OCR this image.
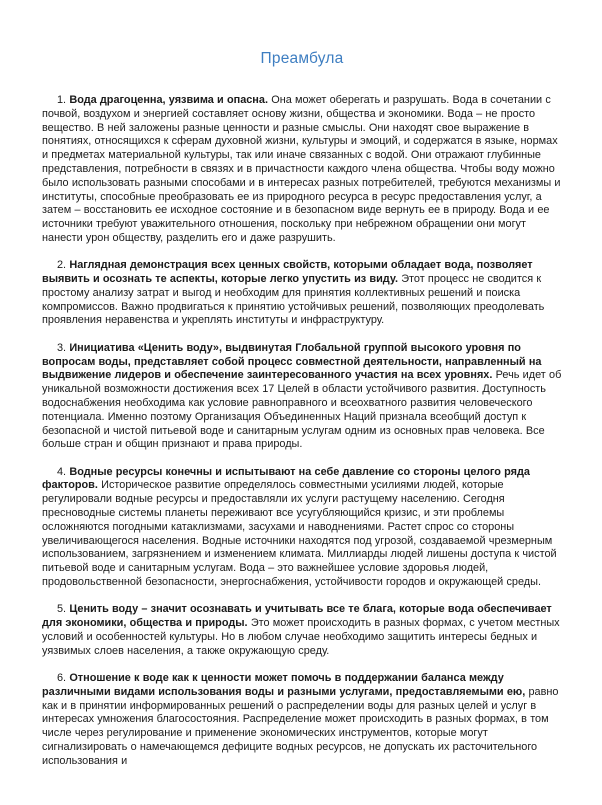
Преамбула

1. Вода драгоценна, уязвима и опасна. Она может оберегать и разрушать. Вода в сочетании с почвой, воздухом и энергией составляет основу жизни, общества и экономики. Вода – не просто вещество. В ней заложены разные ценности и разные смыслы. Они находят свое выражение в понятиях, относящихся к сферам духовной жизни, культуры и эмоций, и содержатся в языке, нормах и предметах материальной культуры, так или иначе связанных с водой. Они отражают глубинные представления, потребности в связях и в причастности каждого члена общества. Чтобы воду можно было использовать разными способами и в интересах разных потребителей, требуются механизмы и институты, способные преобразовать ее из природного ресурса в ресурс предоставления услуг, а затем – восстановить ее исходное состояние и в безопасном виде вернуть ее в природу. Вода и ее источники требуют уважительного отношения, поскольку при небрежном обращении они могут нанести урон обществу, разделить его и даже разрушить.

2. Наглядная демонстрация всех ценных свойств, которыми обладает вода, позволяет выявить и осознать те аспекты, которые легко упустить из виду. Этот процесс не сводится к простому анализу затрат и выгод и необходим для принятия коллективных решений и поиска компромиссов. Важно продвигаться к принятию устойчивых решений, позволяющих преодолевать проявления неравенства и укреплять институты и инфраструктуру.

3. Инициатива «Ценить воду», выдвинутая Глобальной группой высокого уровня по вопросам воды, представляет собой процесс совместной деятельности, направленный на выдвижение лидеров и обеспечение заинтересованного участия на всех уровнях. Речь идет об уникальной возможности достижения всех 17 Целей в области устойчивого развития. Доступность водоснабжения необходима как условие равноправного и всеохватного развития человеческого потенциала. Именно поэтому Организация Объединенных Наций признала всеобщий доступ к безопасной и чистой питьевой воде и санитарным услугам одним из основных прав человека. Все больше стран и общин признают и права природы.

4. Водные ресурсы конечны и испытывают на себе давление со стороны целого ряда факторов. Историческое развитие определялось совместными усилиями людей, которые регулировали водные ресурсы и предоставляли их услуги растущему населению. Сегодня пресноводные системы планеты переживают все усугубляющийся кризис, и эти проблемы осложняются погодными катаклизмами, засухами и наводнениями. Растет спрос со стороны увеличивающегося населения. Водные источники находятся под угрозой, создаваемой чрезмерным использованием, загрязнением и изменением климата. Миллиарды людей лишены доступа к чистой питьевой воде и санитарным услугам. Вода – это важнейшее условие здоровья людей, продовольственной безопасности, энергоснабжения, устойчивости городов и окружающей среды.

5. Ценить воду – значит осознавать и учитывать все те блага, которые вода обеспечивает для экономики, общества и природы. Это может происходить в разных формах, с учетом местных условий и особенностей культуры. Но в любом случае необходимо защитить интересы бедных и уязвимых слоев населения, а также окружающую среду.

6. Отношение к воде как к ценности может помочь в поддержании баланса между различными видами использования воды и разными услугами, предоставляемыми ею, равно как и в принятии информированных решений о распределении воды для разных целей и услуг в интересах умножения благосостояния. Распределение может происходить в разных формах, в том числе через регулирование и применение экономических инструментов, которые могут сигнализировать о намечающемся дефиците водных ресурсов, не допускать их расточительного использования и
